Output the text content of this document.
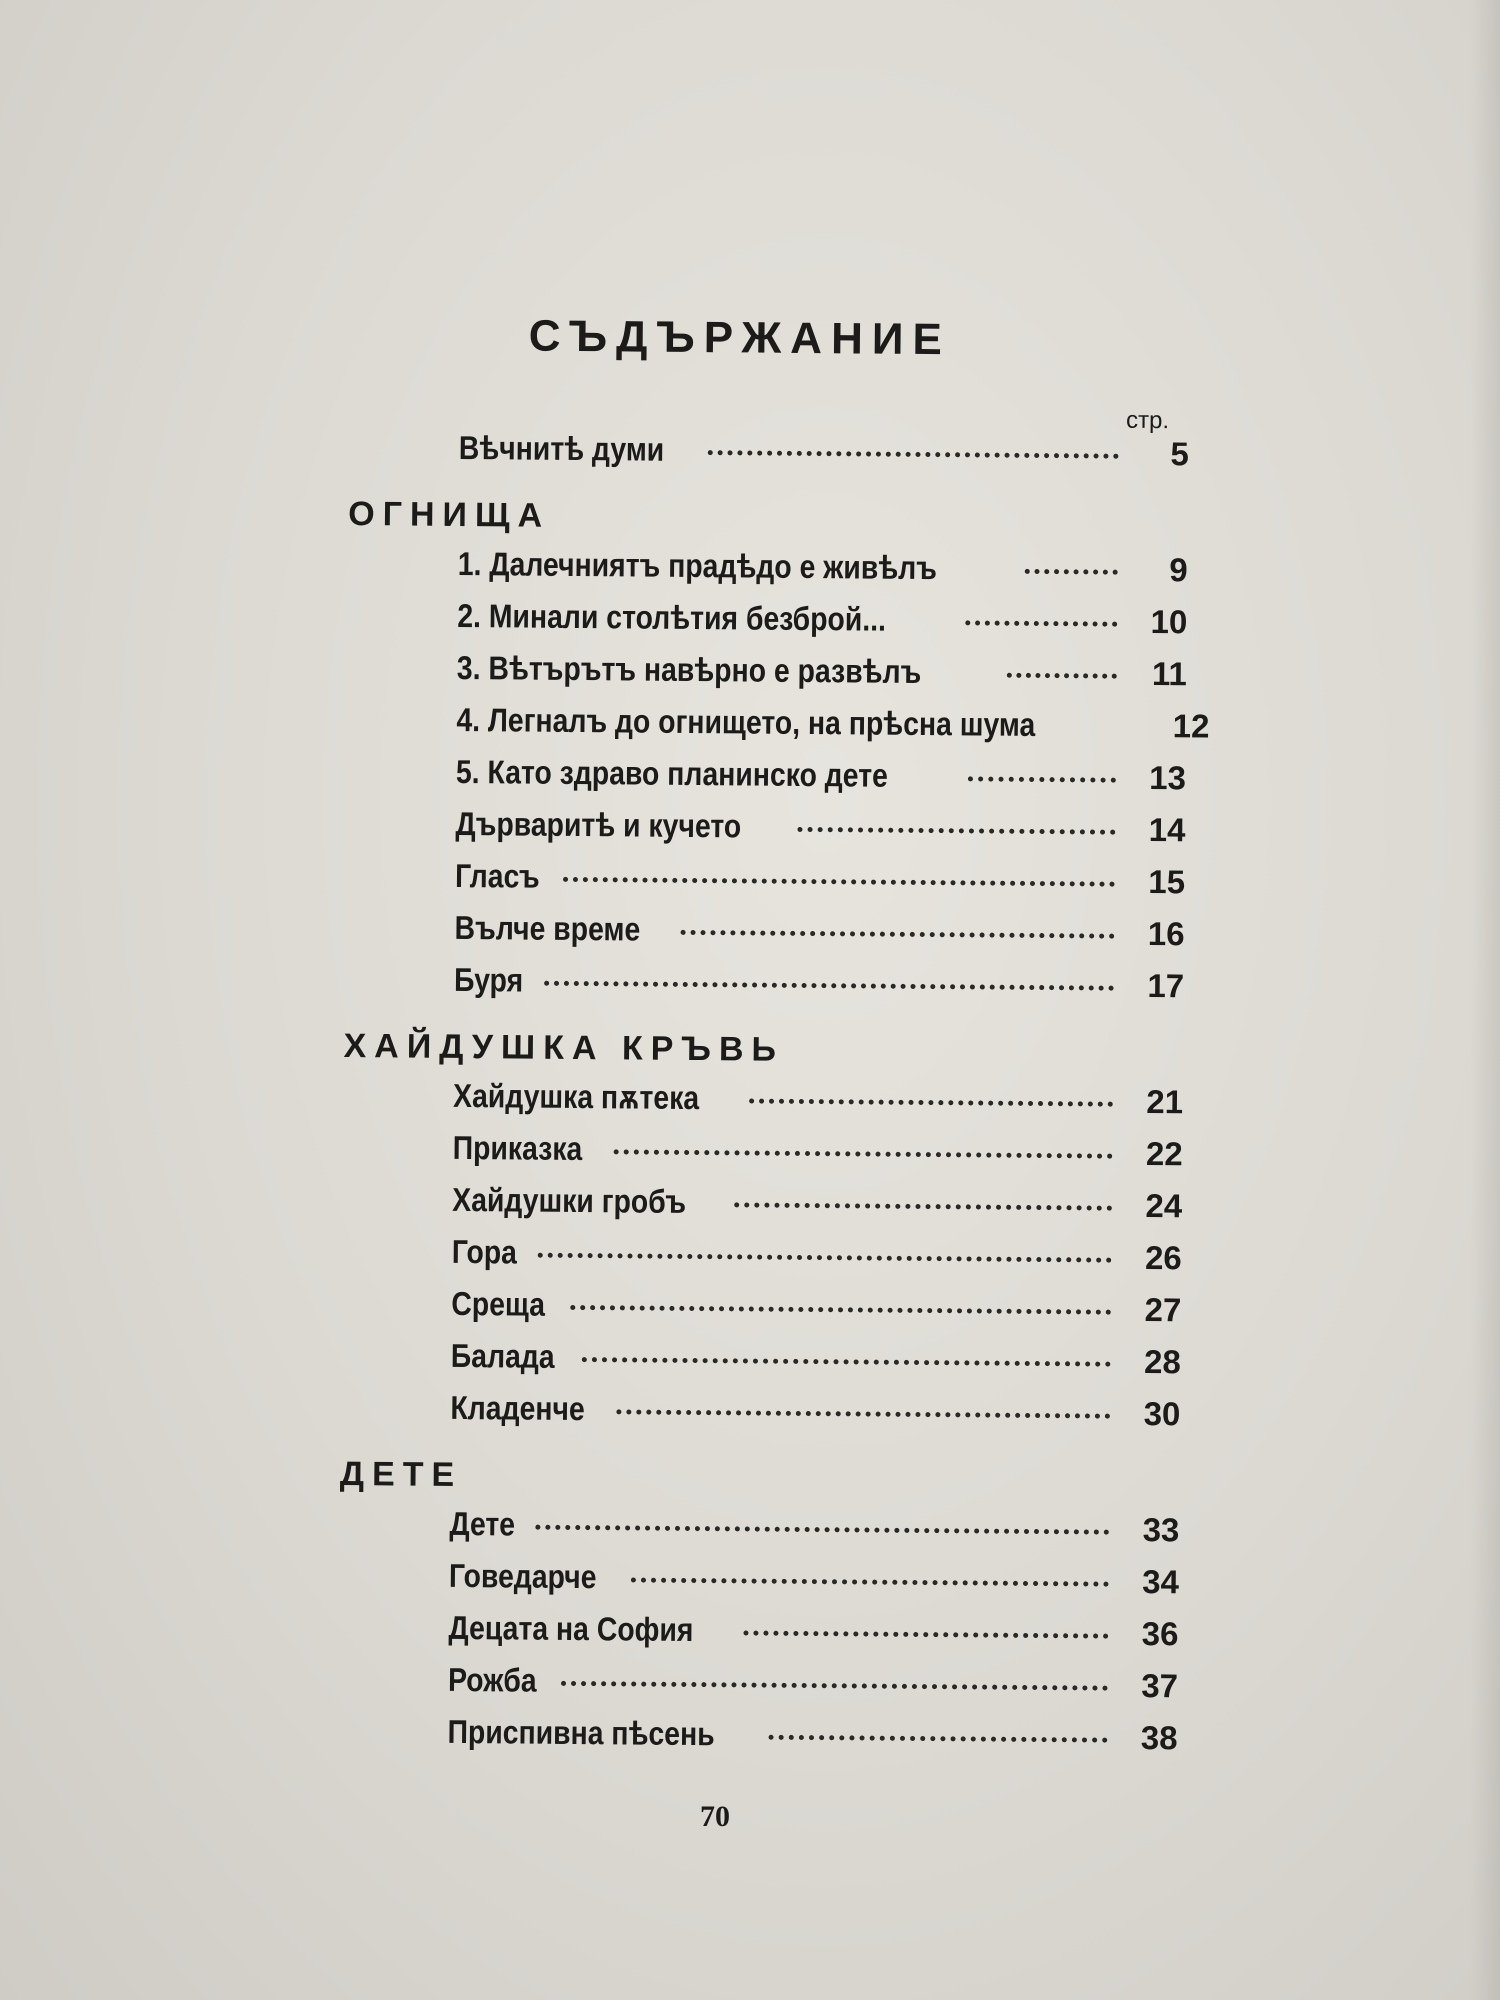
СЪДЪРЖАНИЕ
стр.
Вѣчнитѣ думи	5
ОГНИЩА
1. Далечниятъ прадѣдо е живѣлъ	9
2. Минали столѣтия безброй...	10
3. Вѣтърътъ навѣрно е развѣлъ	11
4. Легналъ до огнището, на прѣсна шума	12
5. Като здраво планинско дете	13
Дърваритѣ и кучето	14
Гласъ	15
Вълче време	16
Буря	17
ХАЙДУШКА КРЪВЬ
Хайдушка пѫтека	21
Приказка	22
Хайдушки гробъ	24
Гора	26
Среща	27
Балада	28
Кладенче	30
ДЕТЕ
Дете	33
Говедарче	34
Децата на София	36
Рожба	37
Приспивна пѣсень	38
70
